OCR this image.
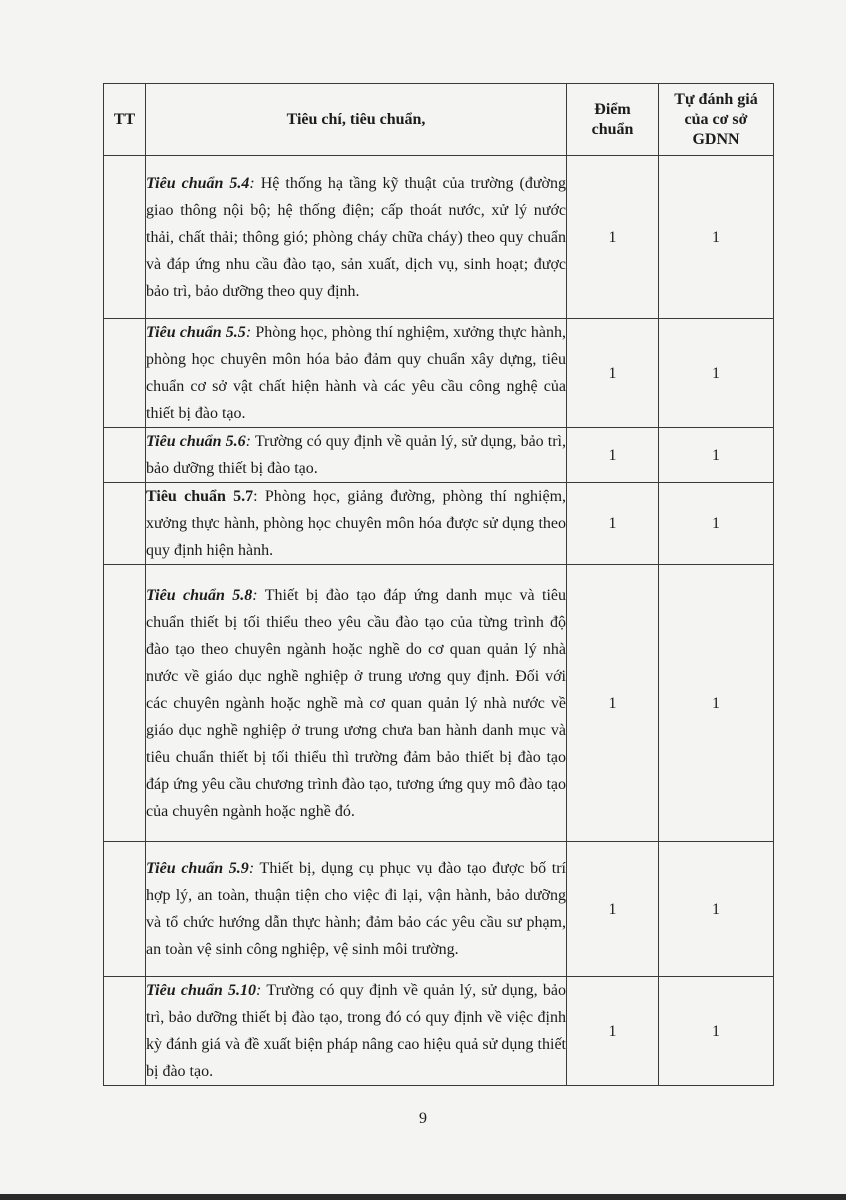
TT	Tiêu chí, tiêu chuẩn,	Điểm chuẩn	Tự đánh giá của cơ sở GDNN
	Tiêu chuẩn 5.4: Hệ thống hạ tầng kỹ thuật của trường (đường giao thông nội bộ; hệ thống điện; cấp thoát nước, xử lý nước thải, chất thải; thông gió; phòng cháy chữa cháy) theo quy chuẩn và đáp ứng nhu cầu đào tạo, sản xuất, dịch vụ, sinh hoạt; được bảo trì, bảo dưỡng theo quy định.	1	1
	Tiêu chuẩn 5.5: Phòng học, phòng thí nghiệm, xưởng thực hành, phòng học chuyên môn hóa bảo đảm quy chuẩn xây dựng, tiêu chuẩn cơ sở vật chất hiện hành và các yêu cầu công nghệ của thiết bị đào tạo.	1	1
	Tiêu chuẩn 5.6: Trường có quy định về quản lý, sử dụng, bảo trì, bảo dưỡng thiết bị đào tạo.	1	1
	Tiêu chuẩn 5.7: Phòng học, giảng đường, phòng thí nghiệm, xưởng thực hành, phòng học chuyên môn hóa được sử dụng theo quy định hiện hành.	1	1
	Tiêu chuẩn 5.8: Thiết bị đào tạo đáp ứng danh mục và tiêu chuẩn thiết bị tối thiểu theo yêu cầu đào tạo của từng trình độ đào tạo theo chuyên ngành hoặc nghề do cơ quan quản lý nhà nước về giáo dục nghề nghiệp ở trung ương quy định. Đối với các chuyên ngành hoặc nghề mà cơ quan quản lý nhà nước về giáo dục nghề nghiệp ở trung ương chưa ban hành danh mục và tiêu chuẩn thiết bị tối thiểu thì trường đảm bảo thiết bị đào tạo đáp ứng yêu cầu chương trình đào tạo, tương ứng quy mô đào tạo của chuyên ngành hoặc nghề đó.	1	1
	Tiêu chuẩn 5.9: Thiết bị, dụng cụ phục vụ đào tạo được bố trí hợp lý, an toàn, thuận tiện cho việc đi lại, vận hành, bảo dưỡng và tổ chức hướng dẫn thực hành; đảm bảo các yêu cầu sư phạm, an toàn vệ sinh công nghiệp, vệ sinh môi trường.	1	1
	Tiêu chuẩn 5.10: Trường có quy định về quản lý, sử dụng, bảo trì, bảo dưỡng thiết bị đào tạo, trong đó có quy định về việc định kỳ đánh giá và đề xuất biện pháp nâng cao hiệu quả sử dụng thiết bị đào tạo.	1	1
9
